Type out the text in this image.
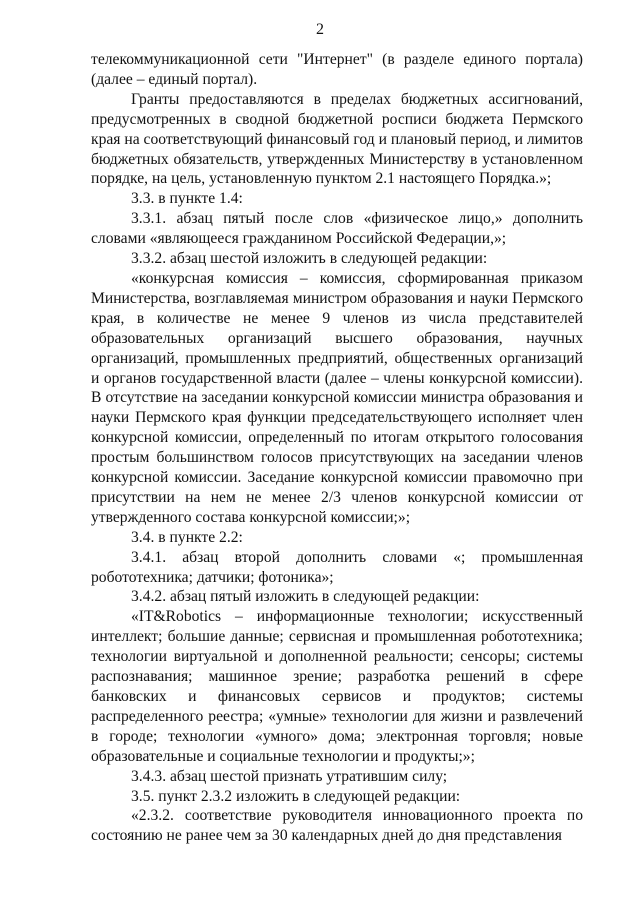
2

телекоммуникационной сети "Интернет" (в разделе единого портала) (далее – единый портал).

Гранты предоставляются в пределах бюджетных ассигнований, предусмотренных в сводной бюджетной росписи бюджета Пермского края на соответствующий финансовый год и плановый период, и лимитов бюджетных обязательств, утвержденных Министерству в установленном порядке, на цель, установленную пунктом 2.1 настоящего Порядка.»;

3.3. в пункте 1.4:

3.3.1. абзац пятый после слов «физическое лицо,» дополнить словами «являющееся гражданином Российской Федерации,»;

3.3.2. абзац шестой изложить в следующей редакции:

«конкурсная комиссия – комиссия, сформированная приказом Министерства, возглавляемая министром образования и науки Пермского края, в количестве не менее 9 членов из числа представителей образовательных организаций высшего образования, научных организаций, промышленных предприятий, общественных организаций и органов государственной власти (далее – члены конкурсной комиссии). В отсутствие на заседании конкурсной комиссии министра образования и науки Пермского края функции председательствующего исполняет член конкурсной комиссии, определенный по итогам открытого голосования простым большинством голосов присутствующих на заседании членов конкурсной комиссии. Заседание конкурсной комиссии правомочно при присутствии на нем не менее 2/3 членов конкурсной комиссии от утвержденного состава конкурсной комиссии;»;

3.4. в пункте 2.2:

3.4.1. абзац второй дополнить словами «; промышленная робототехника; датчики; фотоника»;

3.4.2. абзац пятый изложить в следующей редакции:

«IT&Robotics – информационные технологии; искусственный интеллект; большие данные; сервисная и промышленная робототехника; технологии виртуальной и дополненной реальности; сенсоры; системы распознавания; машинное зрение; разработка решений в сфере банковских и финансовых сервисов и продуктов; системы распределенного реестра; «умные» технологии для жизни и развлечений в городе; технологии «умного» дома; электронная торговля; новые образовательные и социальные технологии и продукты;»;

3.4.3. абзац шестой признать утратившим силу;

3.5. пункт 2.3.2 изложить в следующей редакции:

«2.3.2. соответствие руководителя инновационного проекта по состоянию не ранее чем за 30 календарных дней до дня представления
